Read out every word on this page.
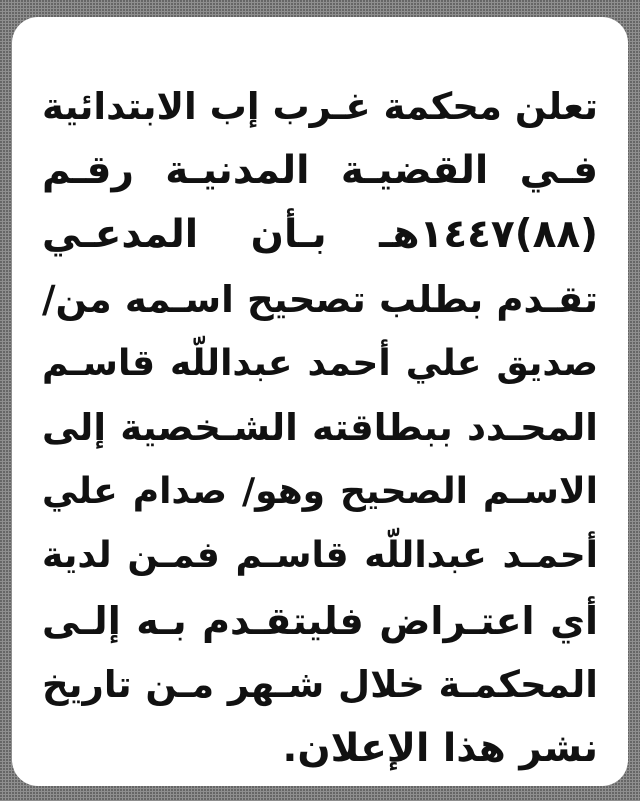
تعلن محكمة غـرب إب الابتدائية
فـي القضيـة المدنيـة رقـم
(٨٨)١٤٤٧هـ بـأن المدعـي
تقـدم بطلب تصحيح اسـمه من/
صديق علي أحمد عبداللّه قاسـم
المحـدد ببطاقته الشـخصية إلى
الاسـم الصحيح وهو/ صدام علي
أحمـد عبداللّه قاسـم فمـن لدية
أي اعتـراض فليتقـدم بـه إلـى
المحكمـة خلال شـهر مـن تاريخ
نشر هذا الإعلان.
